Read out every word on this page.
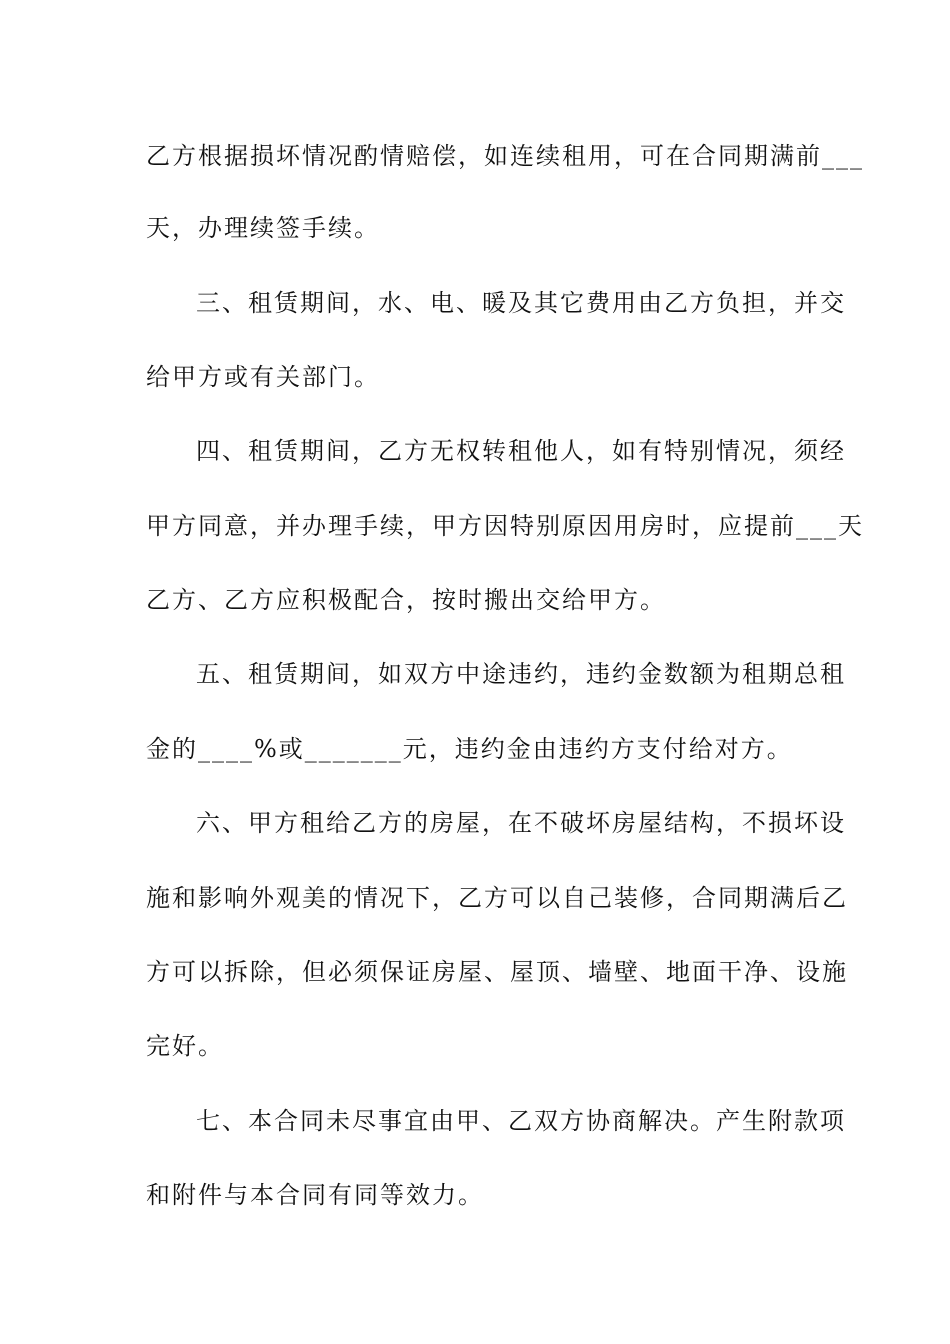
乙方根据损坏情况酌情赔偿，如连续租用，可在合同期满前___
天，办理续签手续。
三、租赁期间，水、电、暖及其它费用由乙方负担，并交
给甲方或有关部门。
四、租赁期间，乙方无权转租他人，如有特别情况，须经
甲方同意，并办理手续，甲方因特别原因用房时，应提前___天
乙方、乙方应积极配合，按时搬出交给甲方。
五、租赁期间，如双方中途违约，违约金数额为租期总租
金的____%或_______元，违约金由违约方支付给对方。
六、甲方租给乙方的房屋，在不破坏房屋结构，不损坏设
施和影响外观美的情况下，乙方可以自己装修，合同期满后乙
方可以拆除，但必须保证房屋、屋顶、墙壁、地面干净、设施
完好。
七、本合同未尽事宜由甲、乙双方协商解决。产生附款项
和附件与本合同有同等效力。
